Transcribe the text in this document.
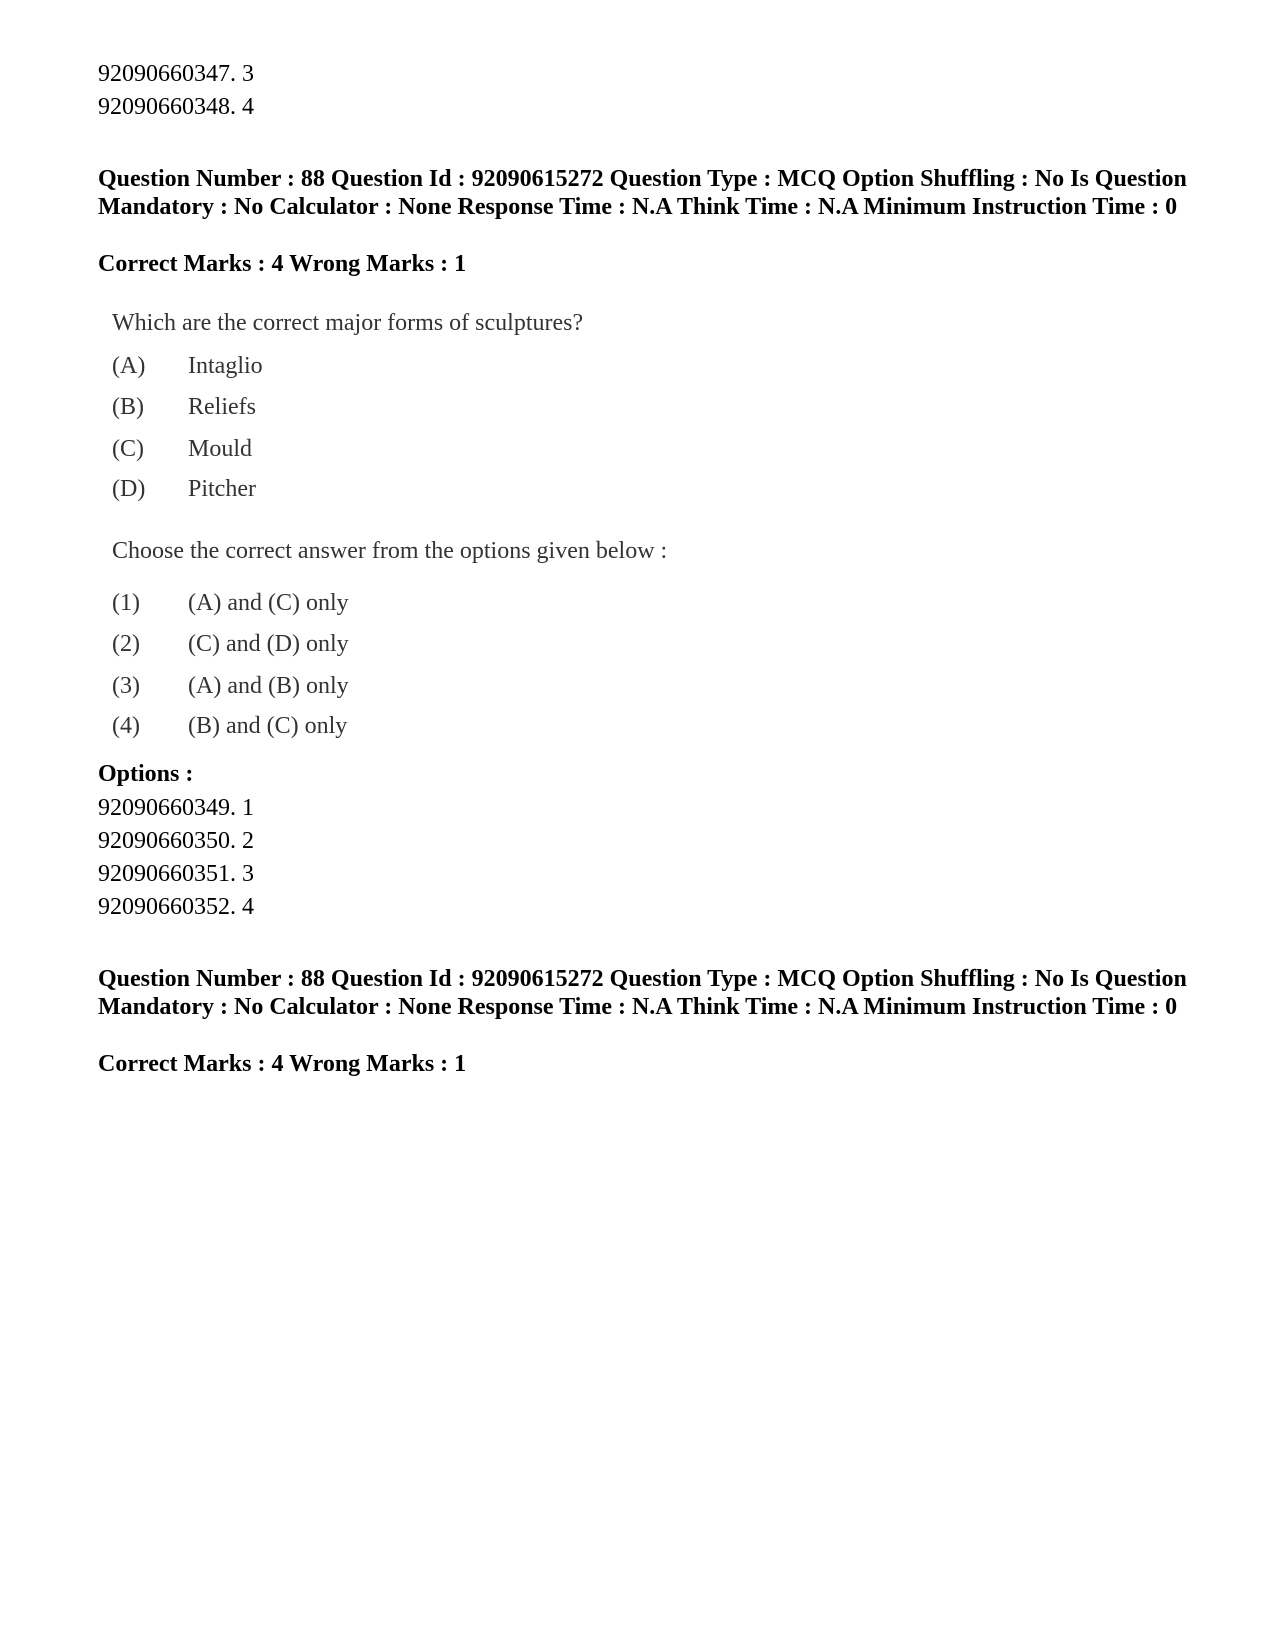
92090660347. 3
92090660348. 4
Question Number : 88 Question Id : 92090615272 Question Type : MCQ Option Shuffling : No Is Question Mandatory : No Calculator : None Response Time : N.A Think Time : N.A Minimum Instruction Time : 0
Correct Marks : 4 Wrong Marks : 1
Which are the correct major forms of sculptures?
(A) Intaglio
(B) Reliefs
(C) Mould
(D) Pitcher
Choose the correct answer from the options given below :
(1) (A) and (C) only
(2) (C) and (D) only
(3) (A) and (B) only
(4) (B) and (C) only
Options :
92090660349. 1
92090660350. 2
92090660351. 3
92090660352. 4
Question Number : 88 Question Id : 92090615272 Question Type : MCQ Option Shuffling : No Is Question Mandatory : No Calculator : None Response Time : N.A Think Time : N.A Minimum Instruction Time : 0
Correct Marks : 4 Wrong Marks : 1
